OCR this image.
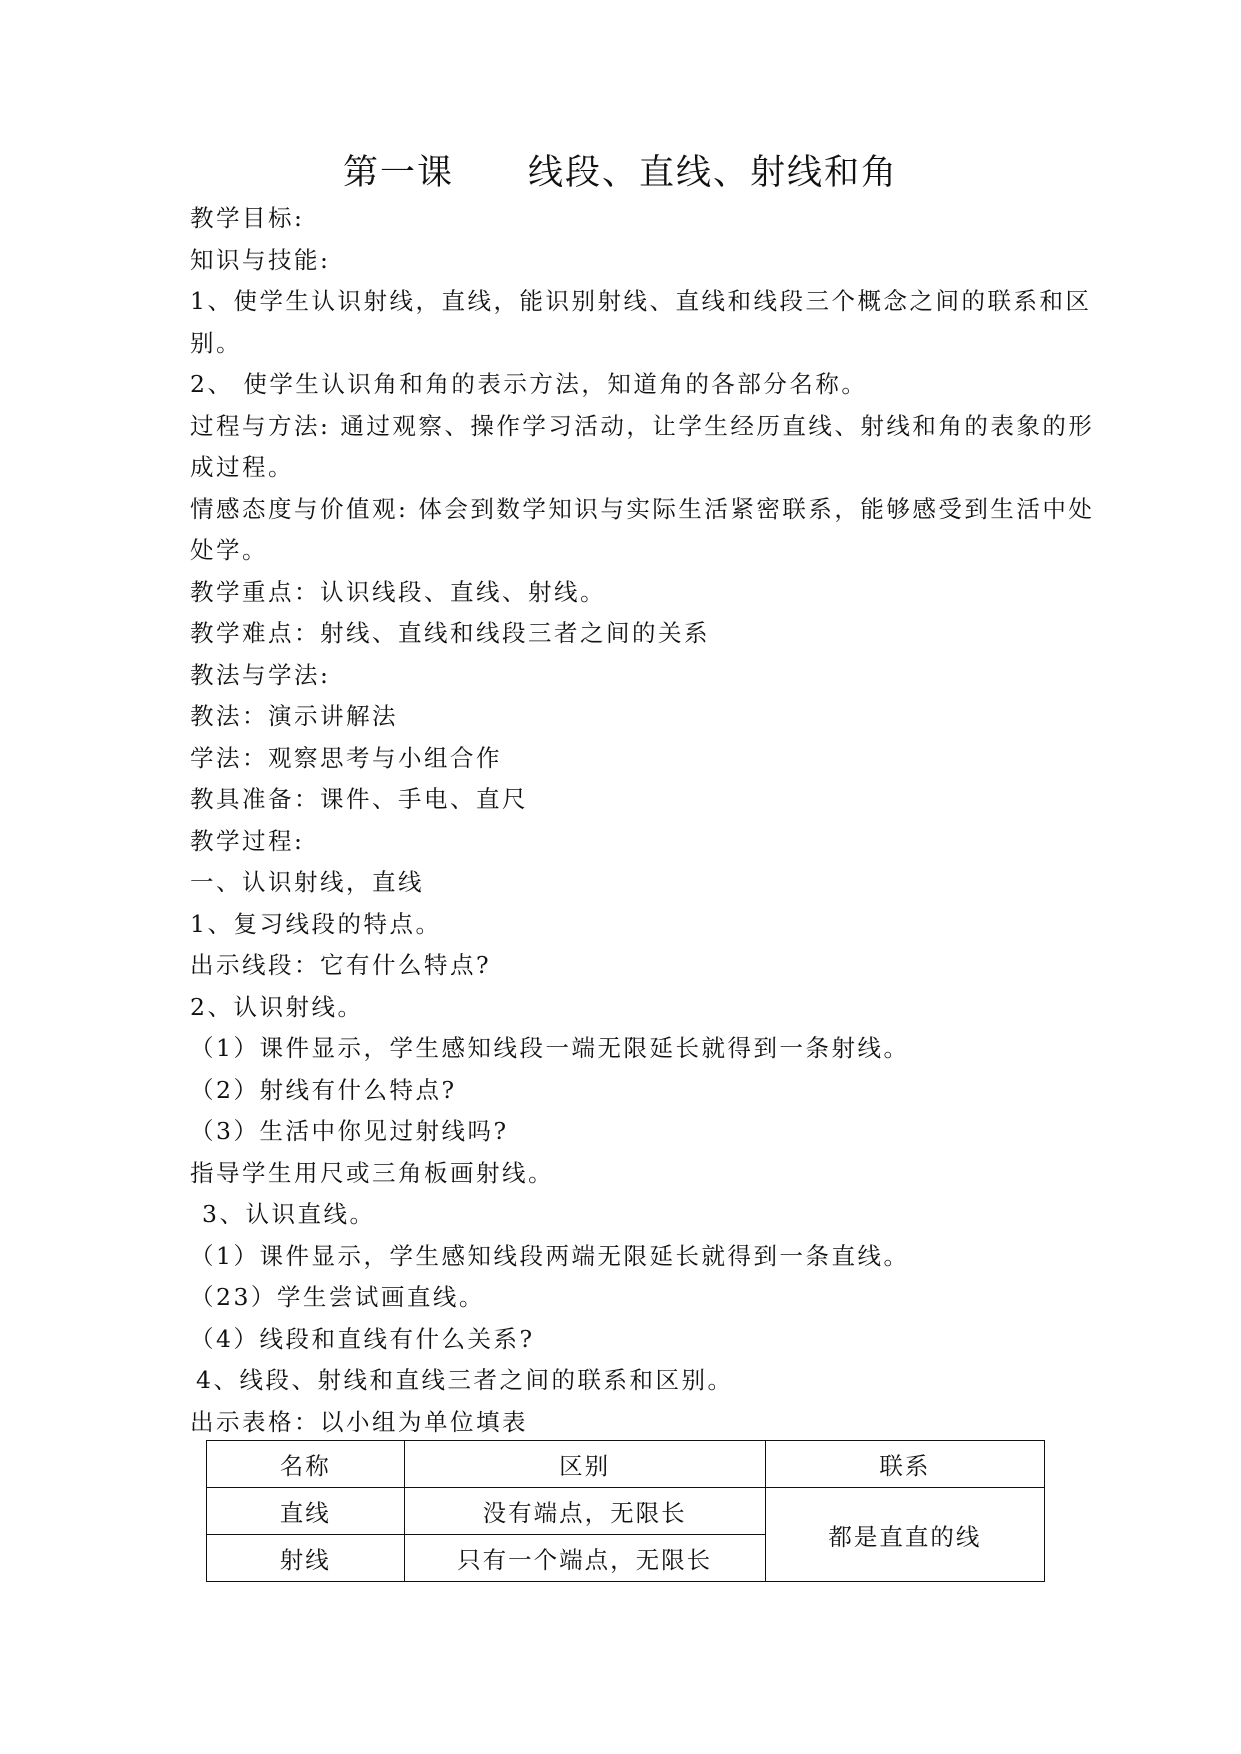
第一课　　线段、直线、射线和角
教学目标:
知识与技能:
1、使学生认识射线，直线，能识别射线、直线和线段三个概念之间的联系和区
别。
2、 使学生认识角和角的表示方法，知道角的各部分名称。
过程与方法: 通过观察、操作学习活动，让学生经历直线、射线和角的表象的形
成过程。
情感态度与价值观: 体会到数学知识与实际生活紧密联系，能够感受到生活中处
处学。
教学重点：认识线段、直线、射线。
教学难点：射线、直线和线段三者之间的关系
教法与学法:
教法：演示讲解法
学法：观察思考与小组合作
教具准备：课件、手电、直尺
教学过程:
一、认识射线，直线
1、复习线段的特点。
出示线段：它有什么特点?
2、认识射线。
（1）课件显示，学生感知线段一端无限延长就得到一条射线。
（2）射线有什么特点?
（3）生活中你见过射线吗?
指导学生用尺或三角板画射线。
3、认识直线。
（1）课件显示，学生感知线段两端无限延长就得到一条直线。
（23）学生尝试画直线。
（4）线段和直线有什么关系?
4、线段、射线和直线三者之间的联系和区别。
出示表格：以小组为单位填表
名称	区别	联系
直线	没有端点，无限长	都是直直的线
射线	只有一个端点，无限长	
